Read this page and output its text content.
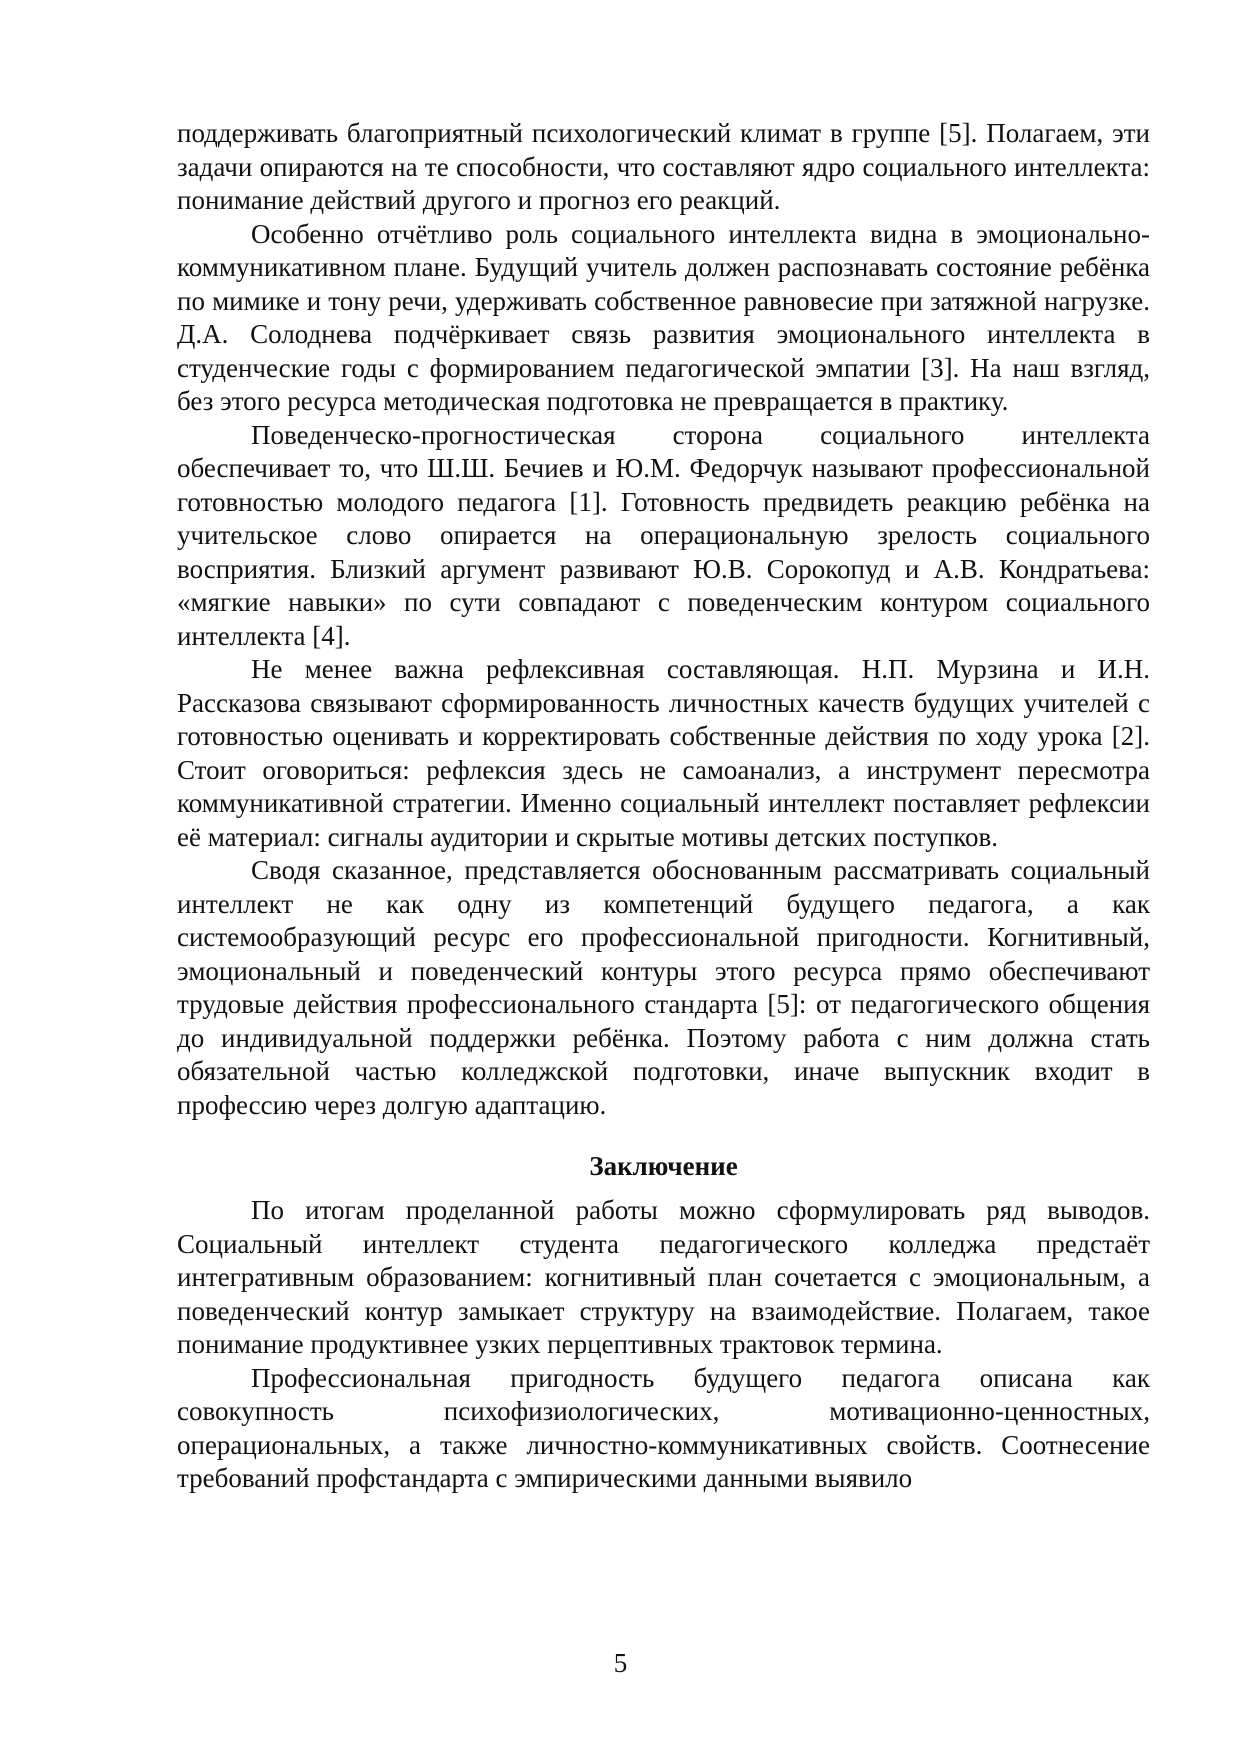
поддерживать благоприятный психологический климат в группе [5]. Полагаем, эти задачи опираются на те способности, что составляют ядро социального интеллекта: понимание действий другого и прогноз его реакций.

Особенно отчётливо роль социального интеллекта видна в эмоционально-коммуникативном плане. Будущий учитель должен распознавать состояние ребёнка по мимике и тону речи, удерживать собственное равновесие при затяжной нагрузке. Д.А. Солоднева подчёркивает связь развития эмоционального интеллекта в студенческие годы с формированием педагогической эмпатии [3]. На наш взгляд, без этого ресурса методическая подготовка не превращается в практику.

Поведенческо-прогностическая сторона социального интеллекта обеспечивает то, что Ш.Ш. Бечиев и Ю.М. Федорчук называют профессиональной готовностью молодого педагога [1]. Готовность предвидеть реакцию ребёнка на учительское слово опирается на операциональную зрелость социального восприятия. Близкий аргумент развивают Ю.В. Сорокопуд и А.В. Кондратьева: «мягкие навыки» по сути совпадают с поведенческим контуром социального интеллекта [4].

Не менее важна рефлексивная составляющая. Н.П. Мурзина и И.Н. Рассказова связывают сформированность личностных качеств будущих учителей с готовностью оценивать и корректировать собственные действия по ходу урока [2]. Стоит оговориться: рефлексия здесь не самоанализ, а инструмент пересмотра коммуникативной стратегии. Именно социальный интеллект поставляет рефлексии её материал: сигналы аудитории и скрытые мотивы детских поступков.

Сводя сказанное, представляется обоснованным рассматривать социальный интеллект не как одну из компетенций будущего педагога, а как системообразующий ресурс его профессиональной пригодности. Когнитивный, эмоциональный и поведенческий контуры этого ресурса прямо обеспечивают трудовые действия профессионального стандарта [5]: от педагогического общения до индивидуальной поддержки ребёнка. Поэтому работа с ним должна стать обязательной частью колледжской подготовки, иначе выпускник входит в профессию через долгую адаптацию.

Заключение

По итогам проделанной работы можно сформулировать ряд выводов. Социальный интеллект студента педагогического колледжа предстаёт интегративным образованием: когнитивный план сочетается с эмоциональным, а поведенческий контур замыкает структуру на взаимодействие. Полагаем, такое понимание продуктивнее узких перцептивных трактовок термина.

Профессиональная пригодность будущего педагога описана как совокупность психофизиологических, мотивационно-ценностных, операциональных, а также личностно-коммуникативных свойств. Соотнесение требований профстандарта с эмпирическими данными выявило

5
